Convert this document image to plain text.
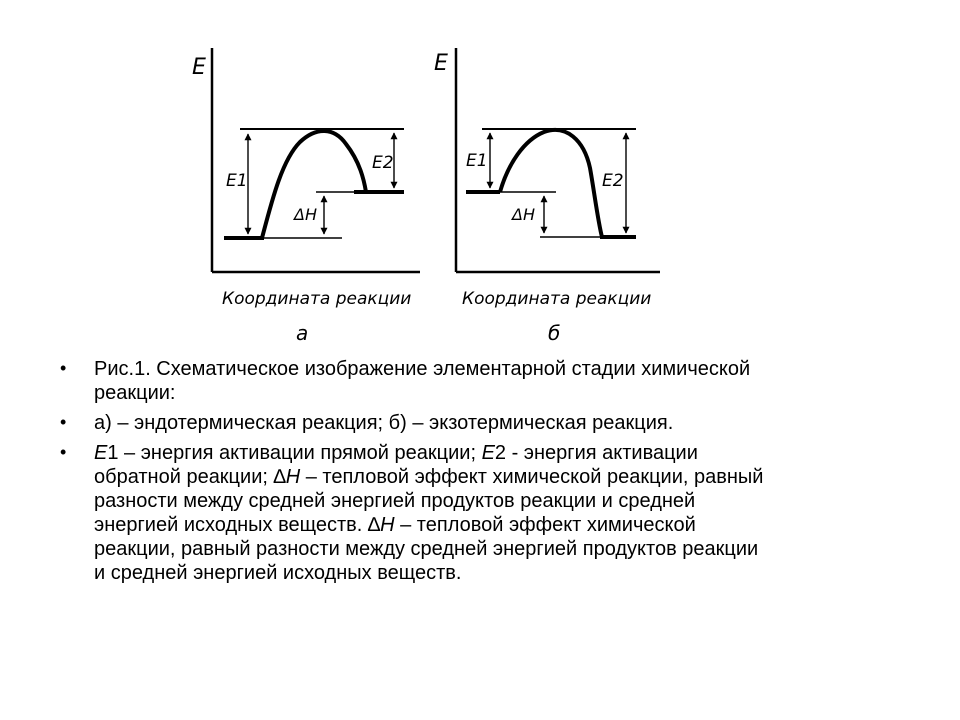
E
E1
E2
ΔH
Координата реакции
а
E
E1
E2
ΔH
Координата реакции
б
• Рис.1. Схематическое изображение элементарной стадии химической
реакции:
• а) – эндотермическая реакция; б) – экзотермическая реакция.
• Е1 – энергия активации прямой реакции; Е2 - энергия активации
обратной реакции; ∆Н – тепловой эффект химической реакции, равный
разности между средней энергией продуктов реакции и средней
энергией исходных веществ. ∆Н – тепловой эффект химической
реакции, равный разности между средней энергией продуктов реакции
и средней энергией исходных веществ.
